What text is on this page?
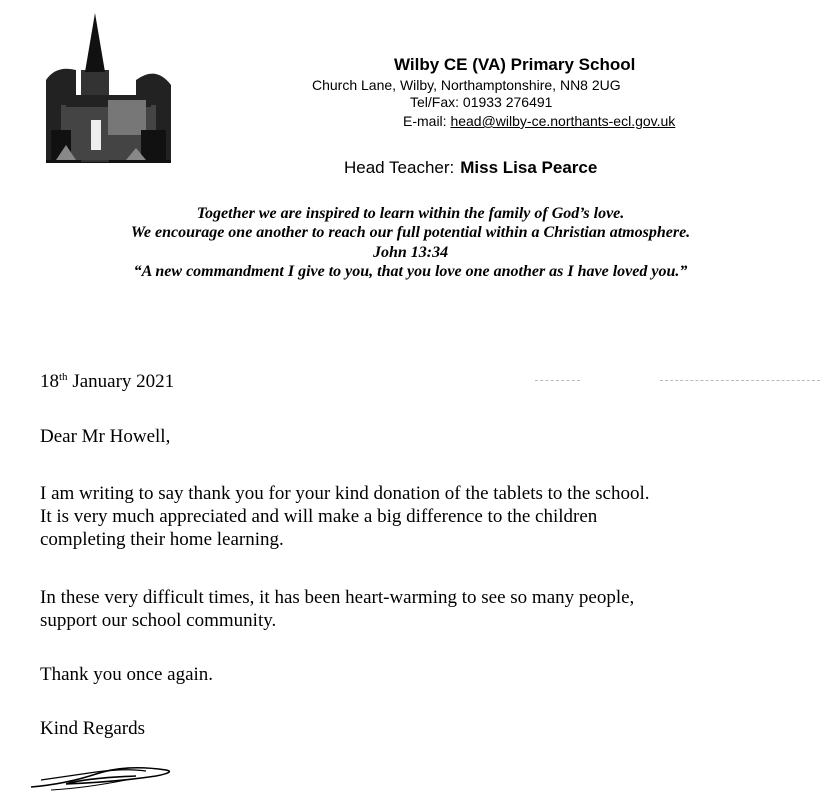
Wilby CE (VA) Primary School
Church Lane, Wilby, Northamptonshire, NN8 2UG
Tel/Fax: 01933 276491
E-mail: head@wilby-ce.northants-ecl.gov.uk
Head Teacher: Miss Lisa Pearce
Together we are inspired to learn within the family of God’s love.
We encourage one another to reach our full potential within a Christian atmosphere.
John 13:34
“A new commandment I give to you, that you love one another as I have loved you.”
18th January 2021
Dear Mr Howell,
I am writing to say thank you for your kind donation of the tablets to the school.
It is very much appreciated and will make a big difference to the children
completing their home learning.
In these very difficult times, it has been heart-warming to see so many people,
support our school community.
Thank you once again.
Kind Regards
